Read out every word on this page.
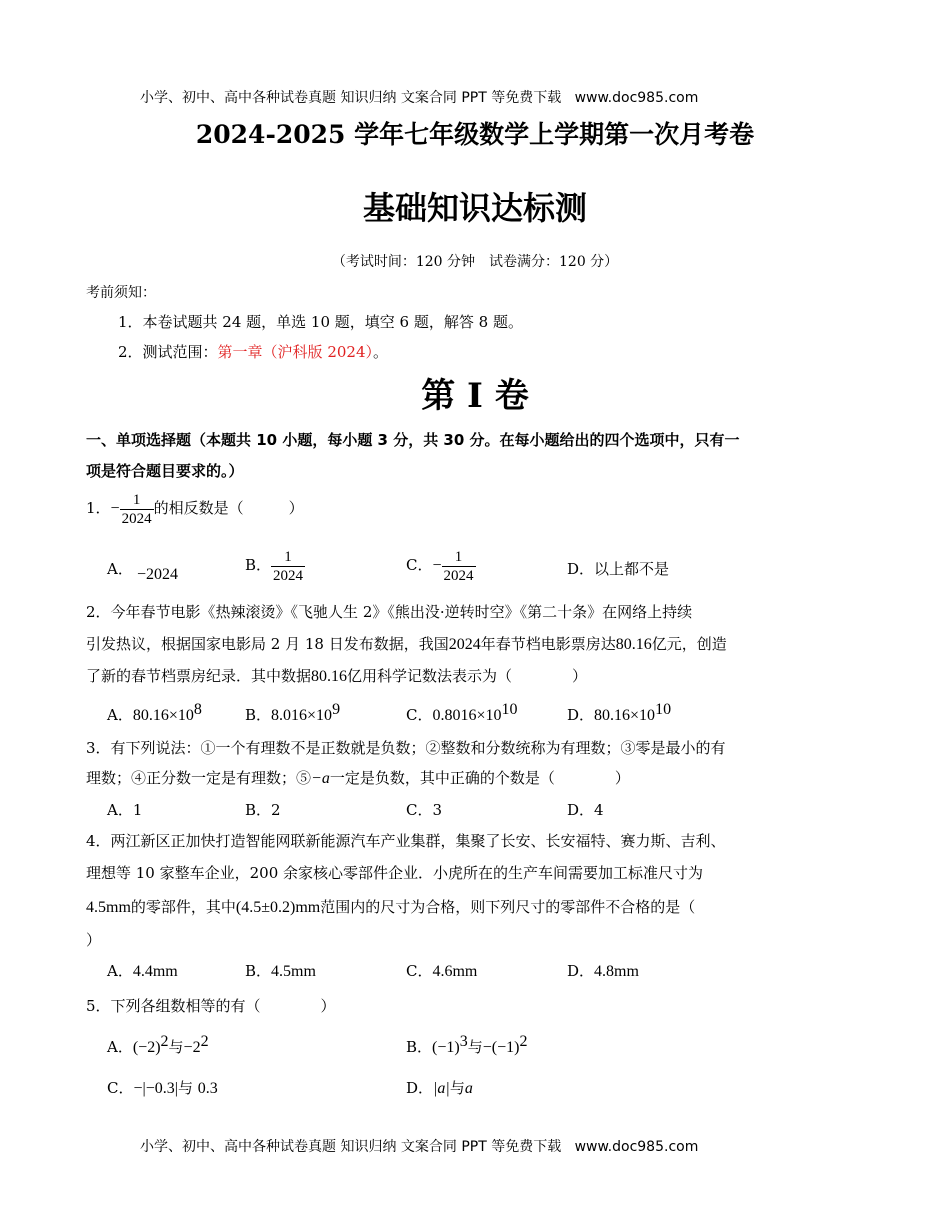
小学、初中、高中各种试卷真题 知识归纳 文案合同 PPT 等免费下载 www.doc985.com
2024-2025 学年七年级数学上学期第一次月考卷
基础知识达标测
（考试时间：120 分钟　试卷满分：120 分）
考前须知：
1．本卷试题共 24 题，单选 10 题，填空 6 题，解答 8 题。
2．测试范围：第一章（沪科版 2024）。
第 I 卷
一、单项选择题（本题共 10 小题，每小题 3 分，共 30 分。在每小题给出的四个选项中，只有一
项是符合题目要求的。）
1．− $\frac{1}{2024}$ 的相反数是（　　　）
A． −2024
B． $\frac{1}{2024}$	C．− $\frac{1}{2024}$	D．以上都不是
2．今年春节电影《热辣滚烫》《飞驰人生 2》《熊出没·逆转时空》《第二十条》在网络上持续
引发热议，根据国家电影局 2 月 18 日发布数据，我国2024年春节档电影票房达80.16亿元，创造
了新的春节档票房纪录．其中数据80.16亿用科学记数法表示为（　　　　）
A．$80.16\times 10^8$	B．$8.016\times 10^9$	C．$0.8016\times 10^{10}$	D．$80.16\times 10^{10}$
3．有下列说法：①一个有理数不是正数就是负数；②整数和分数统称为有理数；③零是最小的有
理数；④正分数一定是有理数；⑤−a一定是负数，其中正确的个数是（　　　　）
A．1	B．2	C．3	D．4
4．两江新区正加快打造智能网联新能源汽车产业集群，集聚了长安、长安福特、赛力斯、吉利、
理想等 10 家整车企业，200 余家核心零部件企业．小虎所在的生产车间需要加工标准尺寸为
4.5mm的零部件，其中(4.5±0.2)mm范围内的尺寸为合格，则下列尺寸的零部件不合格的是（
）
A．4.4mm	B．4.5mm	C．4.6mm	D．4.8mm
5．下列各组数相等的有（　　　　）
A．$(-2)^2$与$-2^2$	B．$(-1)^3$与$-(-1)^2$
C．−|−0.3|与 0.3	D．|a|与a
小学、初中、高中各种试卷真题 知识归纳 文案合同 PPT 等免费下载 www.doc985.com
